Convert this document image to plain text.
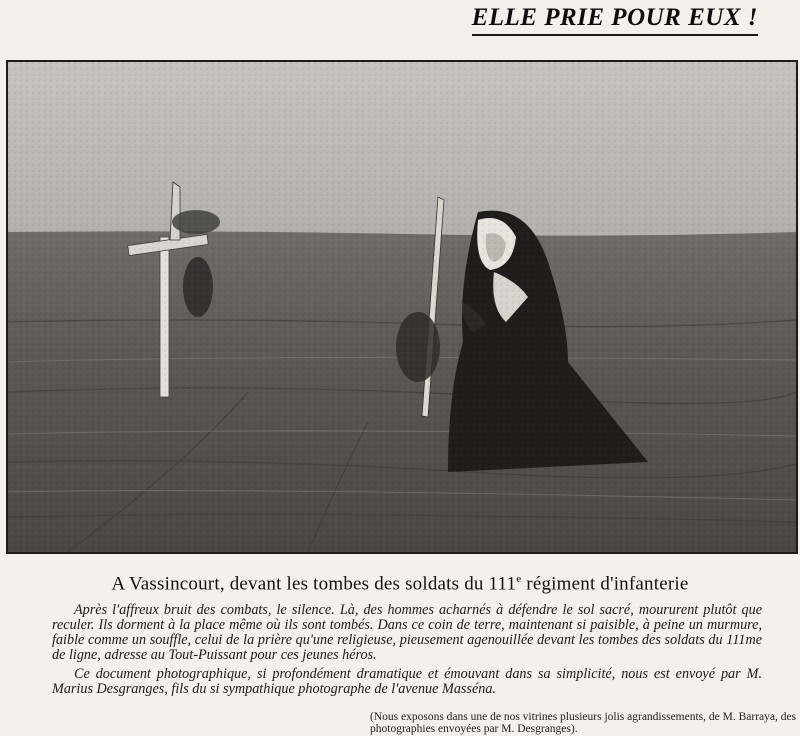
ELLE PRIE POUR EUX !
A Vassincourt, devant les tombes des soldats du 111e régiment d'infanterie

Après l'affreux bruit des combats, le silence. Là, des hommes acharnés à défendre le sol sacré, moururent plutôt que reculer. Ils dorment à la place même où ils sont tombés. Dans ce coin de terre, maintenant si paisible, à peine un murmure, faible comme un souffle, celui de la prière qu'une religieuse, pieusement agenouillée devant les tombes des soldats du 111me de ligne, adresse au Tout-Puissant pour ces jeunes héros.

Ce document photographique, si profondément dramatique et émouvant dans sa simplicité, nous est envoyé par M. Marius Desgranges, fils du si sympathique photographe de l'avenue Masséna.

(Nous exposons dans une de nos vitrines plusieurs jolis agrandissements, de M. Barraya, des photographies envoyées par M. Desgranges).
